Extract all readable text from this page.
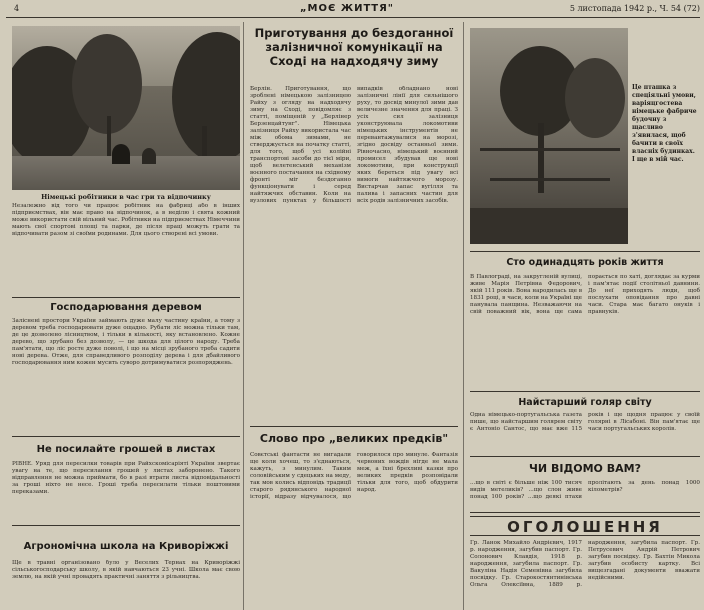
4	„МОЄ ЖИТТЯ"	5 листопада 1942 р., Ч. 54 (72)
Німецькі робітники в час гри та відпочинку
Незалежно від того чи працює робітник на фабриці або в інших підприємствах, він має право на відпочинок, а в неділю і свята кожний може використати свій вільний час. Робітники на підприємствах Німеччини мають свої спортові площі та парки, де після праці можуть грати та відпочивати разом зі своїми родинами. Для цього створені всі умови.
Господарювання деревом
Заліснені простори України займають дуже малу частину країни, а тому з деревом треба господарювати дуже ощадно. Рубати ліс можна тільки там, де це дозволено лісництвом, і тільки в кількості, яку встановлено. Кожне дерево, що зрубано без дозволу, — це шкода для цілого народу. Треба пам'ятати, що ліс росте дуже поволі, і що на місці зрубаного треба садити нові дерева. Отже, для справедливого розподілу дерева і для дбайливого господарювання ним кожен мусить суворо дотримуватися розпоряджень.
Не посилайте грошей в листах
РІВНЕ. Уряд для пересилки товарів при Райхскомісаріяті України звертає увагу на те, що пересилання грошей у листах заборонено. Такого відправлення не можна приймати, бо в разі втрати листа відповідальності за гроші ніхто не несе. Гроші треба пересилати тільки поштовими переказами.
Агрономічна школа на Криворіжжі
Ще в травні організовано було у Веселих Тернах на Криворіжжі сільськогосподарську школу, в якій навчаються 23 учні. Школа має свою землю, на якій учні провадять практичні заняття з рільництва.
Приготування до бездоганної залізничної комунікації на Сході на надходячу зиму
Берлін. Приготування, що зроблені німецькою залізницею Райху з огляду на надходячу зиму на Сході, повідомляє з статті, поміщеній у „Берлінер Берзенцайтунг". Німецька залізниця Райху використала час між обома зимами, не стверджується на початку статті, для того, щоб усі колійні транспортові засоби до тієї міри, щоб велетенський механізм воєнного постачання на східному фронті міг бездоганно функціонувати і серед найтяжчих обставин. Коли на вузлових пунктах у більшості випадків обладнано нові залізничні лінії для сильнішого руху, то досвід минулої зими дав величезне значення для праці. З усіх сил залізниця уконструювала локомотиви німецьких інструментів не перевантажувалися на морозі, згідно досвіду останньої зими. Рівночасно, німецький воєнний промисел збудував ще нові локомотиви, при конструкції яких береться під увагу всі вимоги найтяжчого морозу. Вистарчав запас вугілля та палива і запасних частин для всіх родів залізничних засобів.
Слово про „великих предків"
Совєтські фантасти не вигадали ще коли хочеш, то з'єднаються, кажуть, з минулим. Таким соловійським у сдецьких на меду, так мов колись відповідь традиції старого рядянського народної історії, відразу відчувалося, що говорилося про минуле. Фантазія червоних вождів нігде не мала меж, а їхні брехливі казки про великих предків розповідали тільки для того, щоб обдурити народ.
Це пташка з спеціяльні умови, варіяцгостева німецьке фабриче будочну з щасливо з'явилася, щоб бачити в своїх власніх будинках. І ще в мій час.
Сто одинадцять років життя
В Павлограді, на закругленій вулиці, живе Марія Петрівна Федорович, якій 111 років. Вона народилась ще в 1831 році, в часи, коли на Україні ще панувала панщина. Незважаючи на свій поважний вік, вона ще сама порається по хаті, доглядає за курми і пам'ятає події столітньої давнини. До неї приходять люди, щоб послухати оповідання про давні часи. Стара має багато онуків і правнуків.
Найстарший голяр світу
Одна німецько-португальська газета пише, що найстаршим голярем світу є Антоніо Сантос, що має вже 115 років і ще щодня працює у своїй голярні в Лісабоні. Він пам'ятає ще часи португальських королів.
ЧИ ВІДОМО ВАМ?
...що в світі є більше ніж 100 тисяч видів метеликів? ...що слон живе понад 100 років? ...що деякі птахи пролітають за день понад 1000 кілометрів?
ОГОЛОШЕННЯ
Гр. Ланок Михайло Андрієвич, 1917 р. народження, загубив паспорт. Гр. Солонович Клавдія, 1918 р. народження, загубила паспорт. Гр. Вакуліна Надія Семенівна загубила посвідку. Гр. Старокостянтинівська Ольга Олексіївна, 1889 р. народження, загубила паспорт. Гр. Петрусевич Андрій Петрович загубив посвідку. Гр. Бахтін Микола загубив особисту картку. Всі вищезгадані документи вважати недійсними.
